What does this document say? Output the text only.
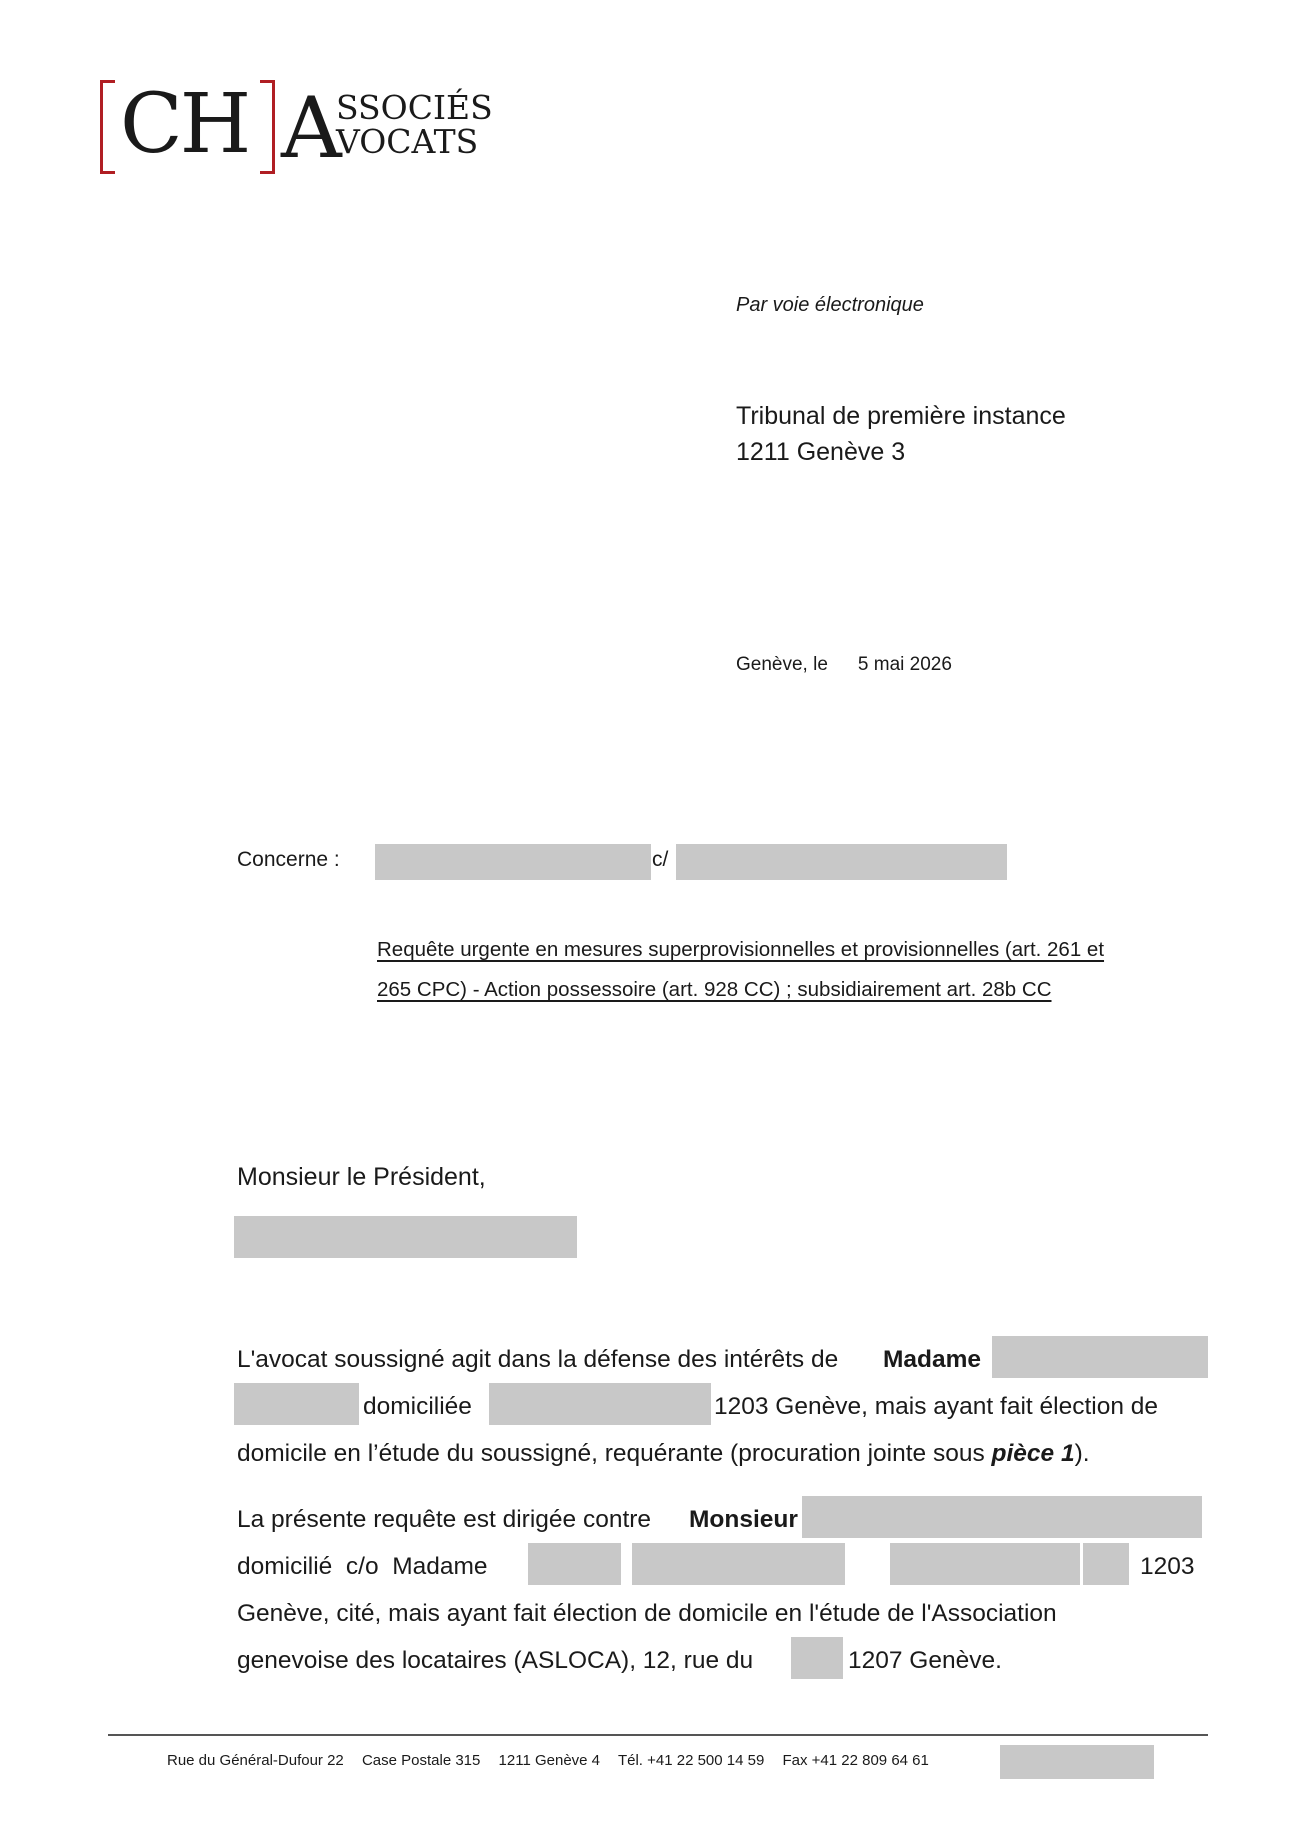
CH A
SSOCIÉS
VOCATS
Par voie électronique
Tribunal de première instance
1211 Genève 3
Genève, le 5 mai 2026
Concerne :	c/
Requête urgente en mesures superprovisionnelles et provisionnelles (art. 261 et
265 CPC) - Action possessoire (art. 928 CC) ; subsidiairement art. 28b CC
Monsieur le Président,
L'avocat soussigné agit dans la défense des intérêts de Madame
domiciliée	1203 Genève, mais ayant fait élection de
domicile en l’étude du soussigné, requérante (procuration jointe sous pièce 1).
La présente requête est dirigée contre Monsieur
domicilié  c/o  Madame	1203
Genève, cité, mais ayant fait élection de domicile en l'étude de l'Association
genevoise des locataires (ASLOCA), 12, rue du	1207 Genève.
Rue du Général-Dufour 22 Case Postale 315 1211 Genève 4 Tél. +41 22 500 14 59 Fax +41 22 809 64 61
